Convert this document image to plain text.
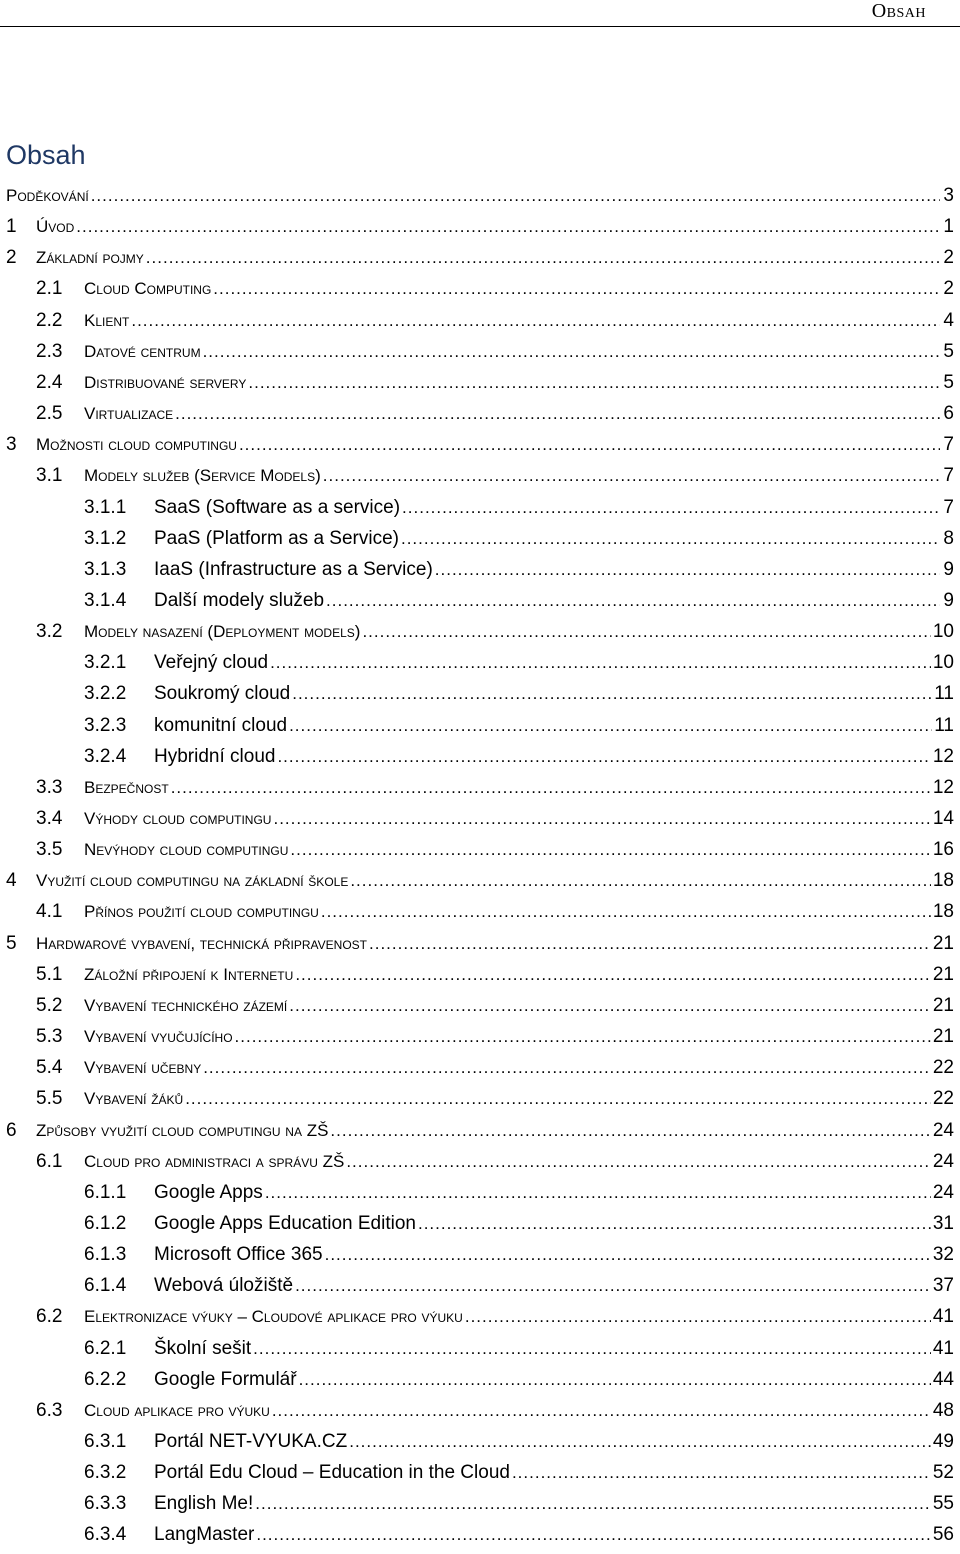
Obsah
Obsah
Poděkování .....	3
1	Úvod .....	1
2	Základní pojmy .....	2
2.1	Cloud Computing .....	2
2.2	Klient .....	4
2.3	Datové centrum .....	5
2.4	Distribuované servery .....	5
2.5	Virtualizace .....	6
3	Možnosti cloud computingu .....	7
3.1	Modely služeb (Service Models) .....	7
3.1.1	SaaS (Software as a service) .....	7
3.1.2	PaaS (Platform as a Service) .....	8
3.1.3	IaaS (Infrastructure as a Service) .....	9
3.1.4	Další modely služeb .....	9
3.2	Modely nasazení (Deployment models) .....	10
3.2.1	Veřejný cloud .....	10
3.2.2	Soukromý cloud .....	11
3.2.3	komunitní cloud .....	11
3.2.4	Hybridní cloud .....	12
3.3	Bezpečnost .....	12
3.4	Výhody cloud computingu .....	14
3.5	Nevýhody cloud computingu .....	16
4	Využití cloud computingu na základní škole .....	18
4.1	Přínos použití cloud computingu .....	18
5	Hardwarové vybavení, technická připravenost .....	21
5.1	Záložní připojení k Internetu .....	21
5.2	Vybavení technického zázemí .....	21
5.3	Vybavení vyučujícího .....	21
5.4	Vybavení učebny .....	22
5.5	Vybavení žáků .....	22
6	Způsoby využití cloud computingu na ZŠ .....	24
6.1	Cloud pro administraci a správu ZŠ .....	24
6.1.1	Google Apps .....	24
6.1.2	Google Apps Education Edition .....	31
6.1.3	Microsoft Office 365 .....	32
6.1.4	Webová úložiště .....	37
6.2	Elektronizace výuky – Cloudové aplikace pro výuku .....	41
6.2.1	Školní sešit .....	41
6.2.2	Google Formulář .....	44
6.3	Cloud aplikace pro výuku .....	48
6.3.1	Portál NET-VYUKA.CZ .....	49
6.3.2	Portál Edu Cloud – Education in the Cloud .....	52
6.3.3	English Me! .....	55
6.3.4	LangMaster .....	56
